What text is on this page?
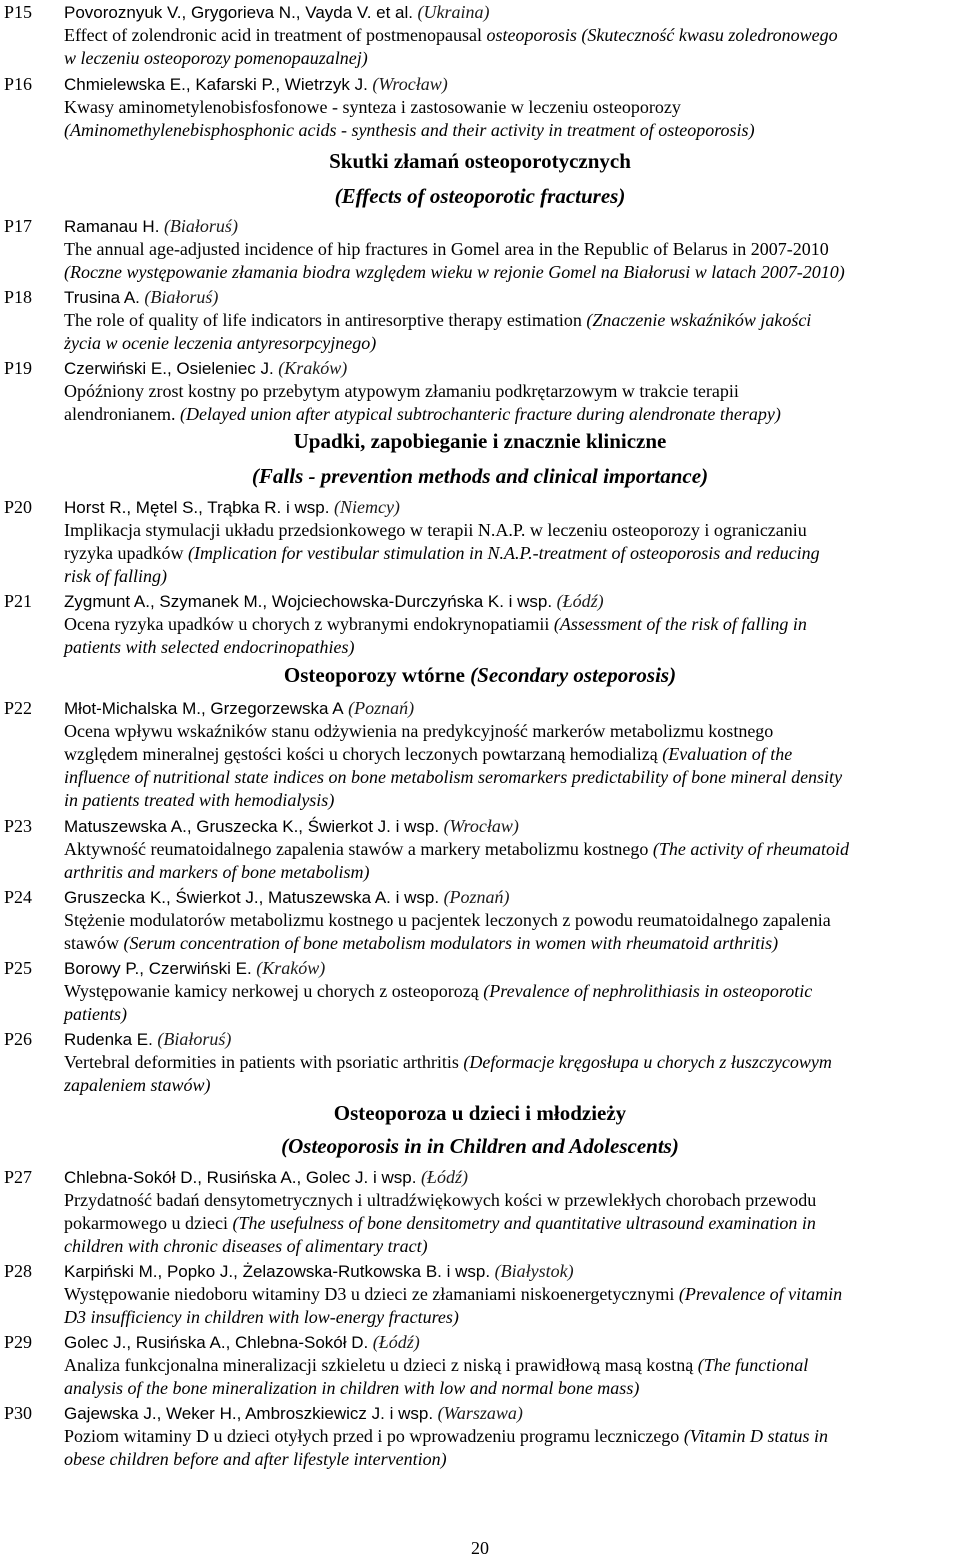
P15 Povoroznyuk V., Grygorieva N., Vayda V. et al. (Ukraina)
Effect of zolendronic acid in treatment of postmenopausal osteoporosis (Skuteczność kwasu zoledronowego
w leczeniu osteoporozy pomenopauzalnej)
P16 Chmielewska E., Kafarski P., Wietrzyk J. (Wrocław)
Kwasy aminometylenobisfosfonowe - synteza i zastosowanie w leczeniu osteoporozy
(Aminomethylenebisphosphonic acids - synthesis and their activity in treatment of osteoporosis)
Skutki złamań osteoporotycznych
(Effects of osteoporotic fractures)
P17 Ramanau H. (Białoruś)
The annual age-adjusted incidence of hip fractures in Gomel area in the Republic of Belarus in 2007-2010
(Roczne występowanie złamania biodra względem wieku w rejonie Gomel na Białorusi w latach 2007-2010)
P18 Trusina A. (Białoruś)
The role of quality of life indicators in antiresorptive therapy estimation (Znaczenie wskaźników jakości
życia w ocenie leczenia antyresorpcyjnego)
P19 Czerwiński E., Osieleniec J. (Kraków)
Opóźniony zrost kostny po przebytym atypowym złamaniu podkrętarzowym w trakcie terapii
alendronianem. (Delayed union after atypical subtrochanteric fracture during alendronate therapy)
Upadki, zapobieganie i znacznie kliniczne
(Falls - prevention methods and clinical importance)
P20 Horst R., Mętel S., Trąbka R. i wsp. (Niemcy)
Implikacja stymulacji układu przedsionkowego w terapii N.A.P. w leczeniu osteoporozy i ograniczaniu
ryzyka upadków (Implication for vestibular stimulation in N.A.P.-treatment of osteoporosis and reducing
risk of falling)
P21 Zygmunt A., Szymanek M., Wojciechowska-Durczyńska K. i wsp. (Łódź)
Ocena ryzyka upadków u chorych z wybranymi endokrynopatiamii (Assessment of the risk of falling in
patients with selected endocrinopathies)
Osteoporozy wtórne (Secondary osteporosis)
P22 Młot-Michalska M., Grzegorzewska A (Poznań)
Ocena wpływu wskaźników stanu odżywienia na predykcyjność markerów metabolizmu kostnego
względem mineralnej gęstości kości u chorych leczonych powtarzaną hemodializą (Evaluation of the
influence of nutritional state indices on bone metabolism seromarkers predictability of bone mineral density
in patients treated with hemodialysis)
P23 Matuszewska A., Gruszecka K., Świerkot J. i wsp. (Wrocław)
Aktywność reumatoidalnego zapalenia stawów a markery metabolizmu kostnego (The activity of rheumatoid
arthritis and markers of bone metabolism)
P24 Gruszecka K., Świerkot J., Matuszewska A. i wsp. (Poznań)
Stężenie modulatorów metabolizmu kostnego u pacjentek leczonych z powodu reumatoidalnego zapalenia
stawów (Serum concentration of bone metabolism modulators in women with rheumatoid arthritis)
P25 Borowy P., Czerwiński E. (Kraków)
Występowanie kamicy nerkowej u chorych z osteoporozą (Prevalence of nephrolithiasis in osteoporotic
patients)
P26 Rudenka E. (Białoruś)
Vertebral deformities in patients with psoriatic arthritis (Deformacje kręgosłupa u chorych z łuszczycowym
zapaleniem stawów)
Osteoporoza u dzieci i młodzieży
(Osteoporosis in in Children and Adolescents)
P27 Chlebna-Sokół D., Rusińska A., Golec J. i wsp. (Łódź)
Przydatność badań densytometrycznych i ultradźwiękowych kości w przewlekłych chorobach przewodu
pokarmowego u dzieci (The usefulness of bone densitometry and quantitative ultrasound examination in
children with chronic diseases of alimentary tract)
P28 Karpiński M., Popko J., Żelazowska-Rutkowska B. i wsp. (Białystok)
Występowanie niedoboru witaminy D3 u dzieci ze złamaniami niskoenergetycznymi (Prevalence of vitamin
D3 insufficiency in children with low-energy fractures)
P29 Golec J., Rusińska A., Chlebna-Sokół D. (Łódź)
Analiza funkcjonalna mineralizacji szkieletu u dzieci z niską i prawidłową masą kostną (The functional
analysis of the bone mineralization in children with low and normal bone mass)
P30 Gajewska J., Weker H., Ambroszkiewicz J. i wsp. (Warszawa)
Poziom witaminy D u dzieci otyłych przed i po wprowadzeniu programu leczniczego (Vitamin D status in
obese children before and after lifestyle intervention)
20
